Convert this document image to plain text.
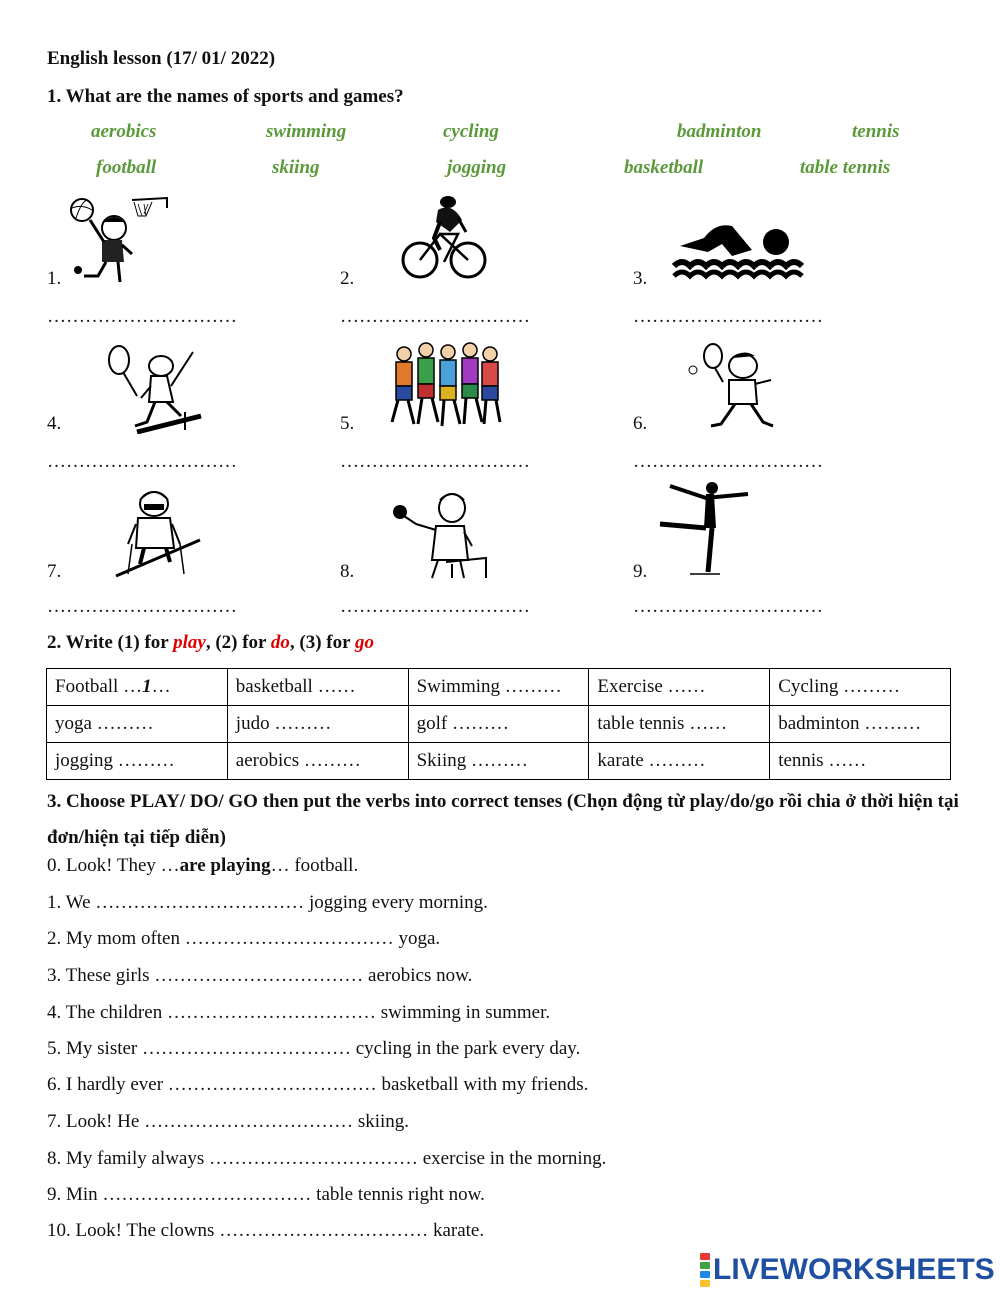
English lesson (17/ 01/ 2022)
1. What are the names of sports and games?
aerobics	swimming	cycling	badminton	tennis
football	skiing	jogging	basketball	table tennis
1.
…………………………
2.
…………………………
3.
…………………………
4.
…………………………
5.
…………………………
6.
…………………………
7.
…………………………
8.
…………………………
9.
…………………………
2. Write (1) for play, (2) for do, (3) for go
Football …1…	basketball ……	Swimming ………	Exercise ……	Cycling ………
yoga ………	judo ………	golf ………	table tennis ……	badminton ………
jogging ………	aerobics ………	Skiing ………	karate ………	tennis ……
3. Choose PLAY/ DO/ GO then put the verbs into correct tenses (Chọn động từ play/do/go rồi chia ở thời hiện tại đơn/hiện tại tiếp diễn)
0. Look! They …are playing… football.
1. We …………………………… jogging every morning.
2. My mom often …………………………… yoga.
3. These girls …………………………… aerobics now.
4. The children …………………………… swimming in summer.
5. My sister …………………………… cycling in the park every day.
6. I hardly ever …………………………… basketball with my friends.
7. Look! He …………………………… skiing.
8. My family always …………………………… exercise in the morning.
9. Min …………………………… table tennis right now.
10. Look! The clowns …………………………… karate.
LIVEWORKSHEETS
